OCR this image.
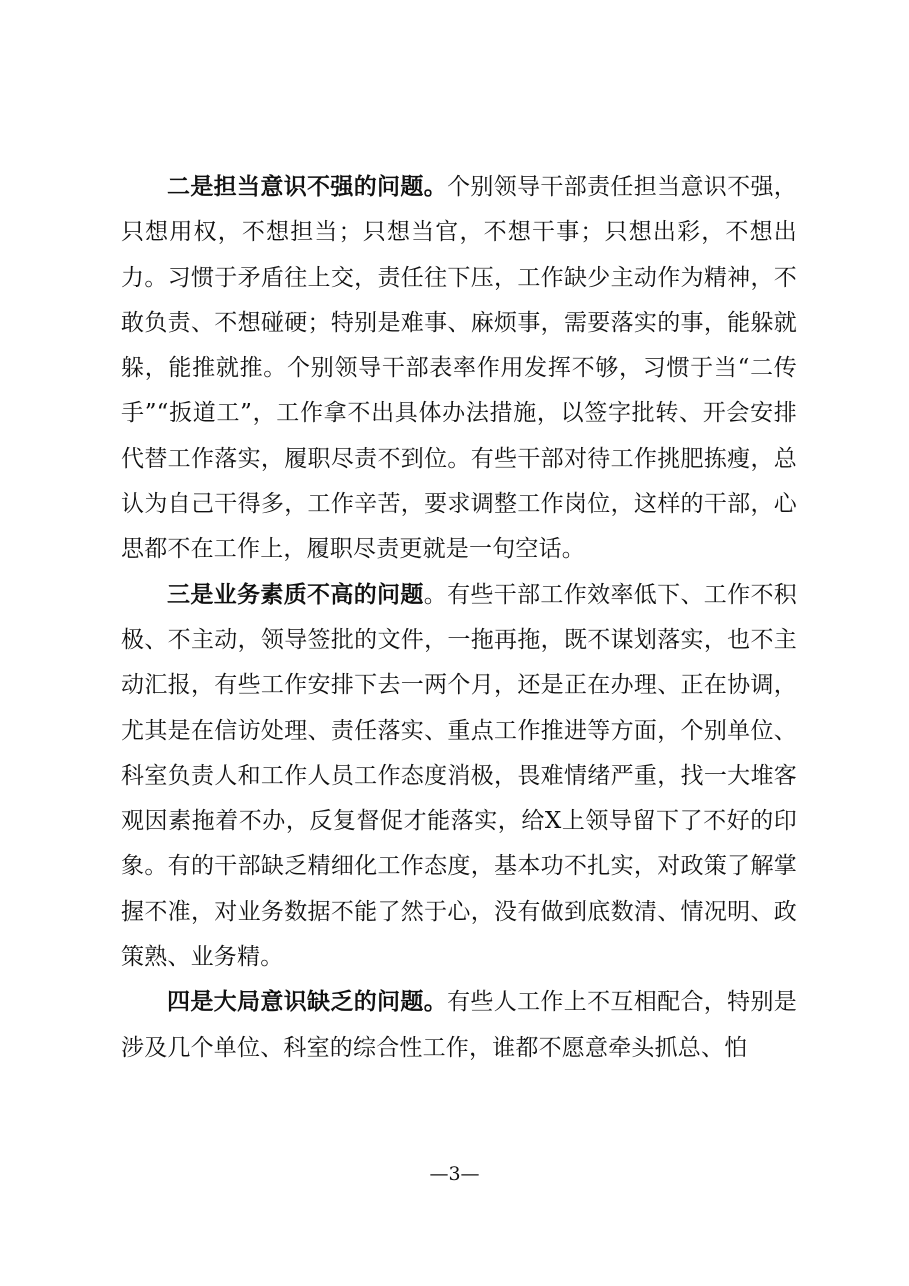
二是担当意识不强的问题。个别领导干部责任担当意识不强，只想用权，不想担当；只想当官，不想干事；只想出彩，不想出力。习惯于矛盾往上交，责任往下压，工作缺少主动作为精神，不敢负责、不想碰硬；特别是难事、麻烦事，需要落实的事，能躲就躲，能推就推。个别领导干部表率作用发挥不够，习惯于当“二传手”“扳道工”，工作拿不出具体办法措施，以签字批转、开会安排代替工作落实，履职尽责不到位。有些干部对待工作挑肥拣瘦，总认为自己干得多，工作辛苦，要求调整工作岗位，这样的干部，心思都不在工作上，履职尽责更就是一句空话。

三是业务素质不高的问题。有些干部工作效率低下、工作不积极、不主动，领导签批的文件，一拖再拖，既不谋划落实，也不主动汇报，有些工作安排下去一两个月，还是正在办理、正在协调，尤其是在信访处理、责任落实、重点工作推进等方面，个别单位、科室负责人和工作人员工作态度消极，畏难情绪严重，找一大堆客观因素拖着不办，反复督促才能落实，给X上领导留下了不好的印象。有的干部缺乏精细化工作态度，基本功不扎实，对政策了解掌握不准，对业务数据不能了然于心，没有做到底数清、情况明、政策熟、业务精。

四是大局意识缺乏的问题。有些人工作上不互相配合，特别是涉及几个单位、科室的综合性工作，谁都不愿意牵头抓总、怕

—3—
